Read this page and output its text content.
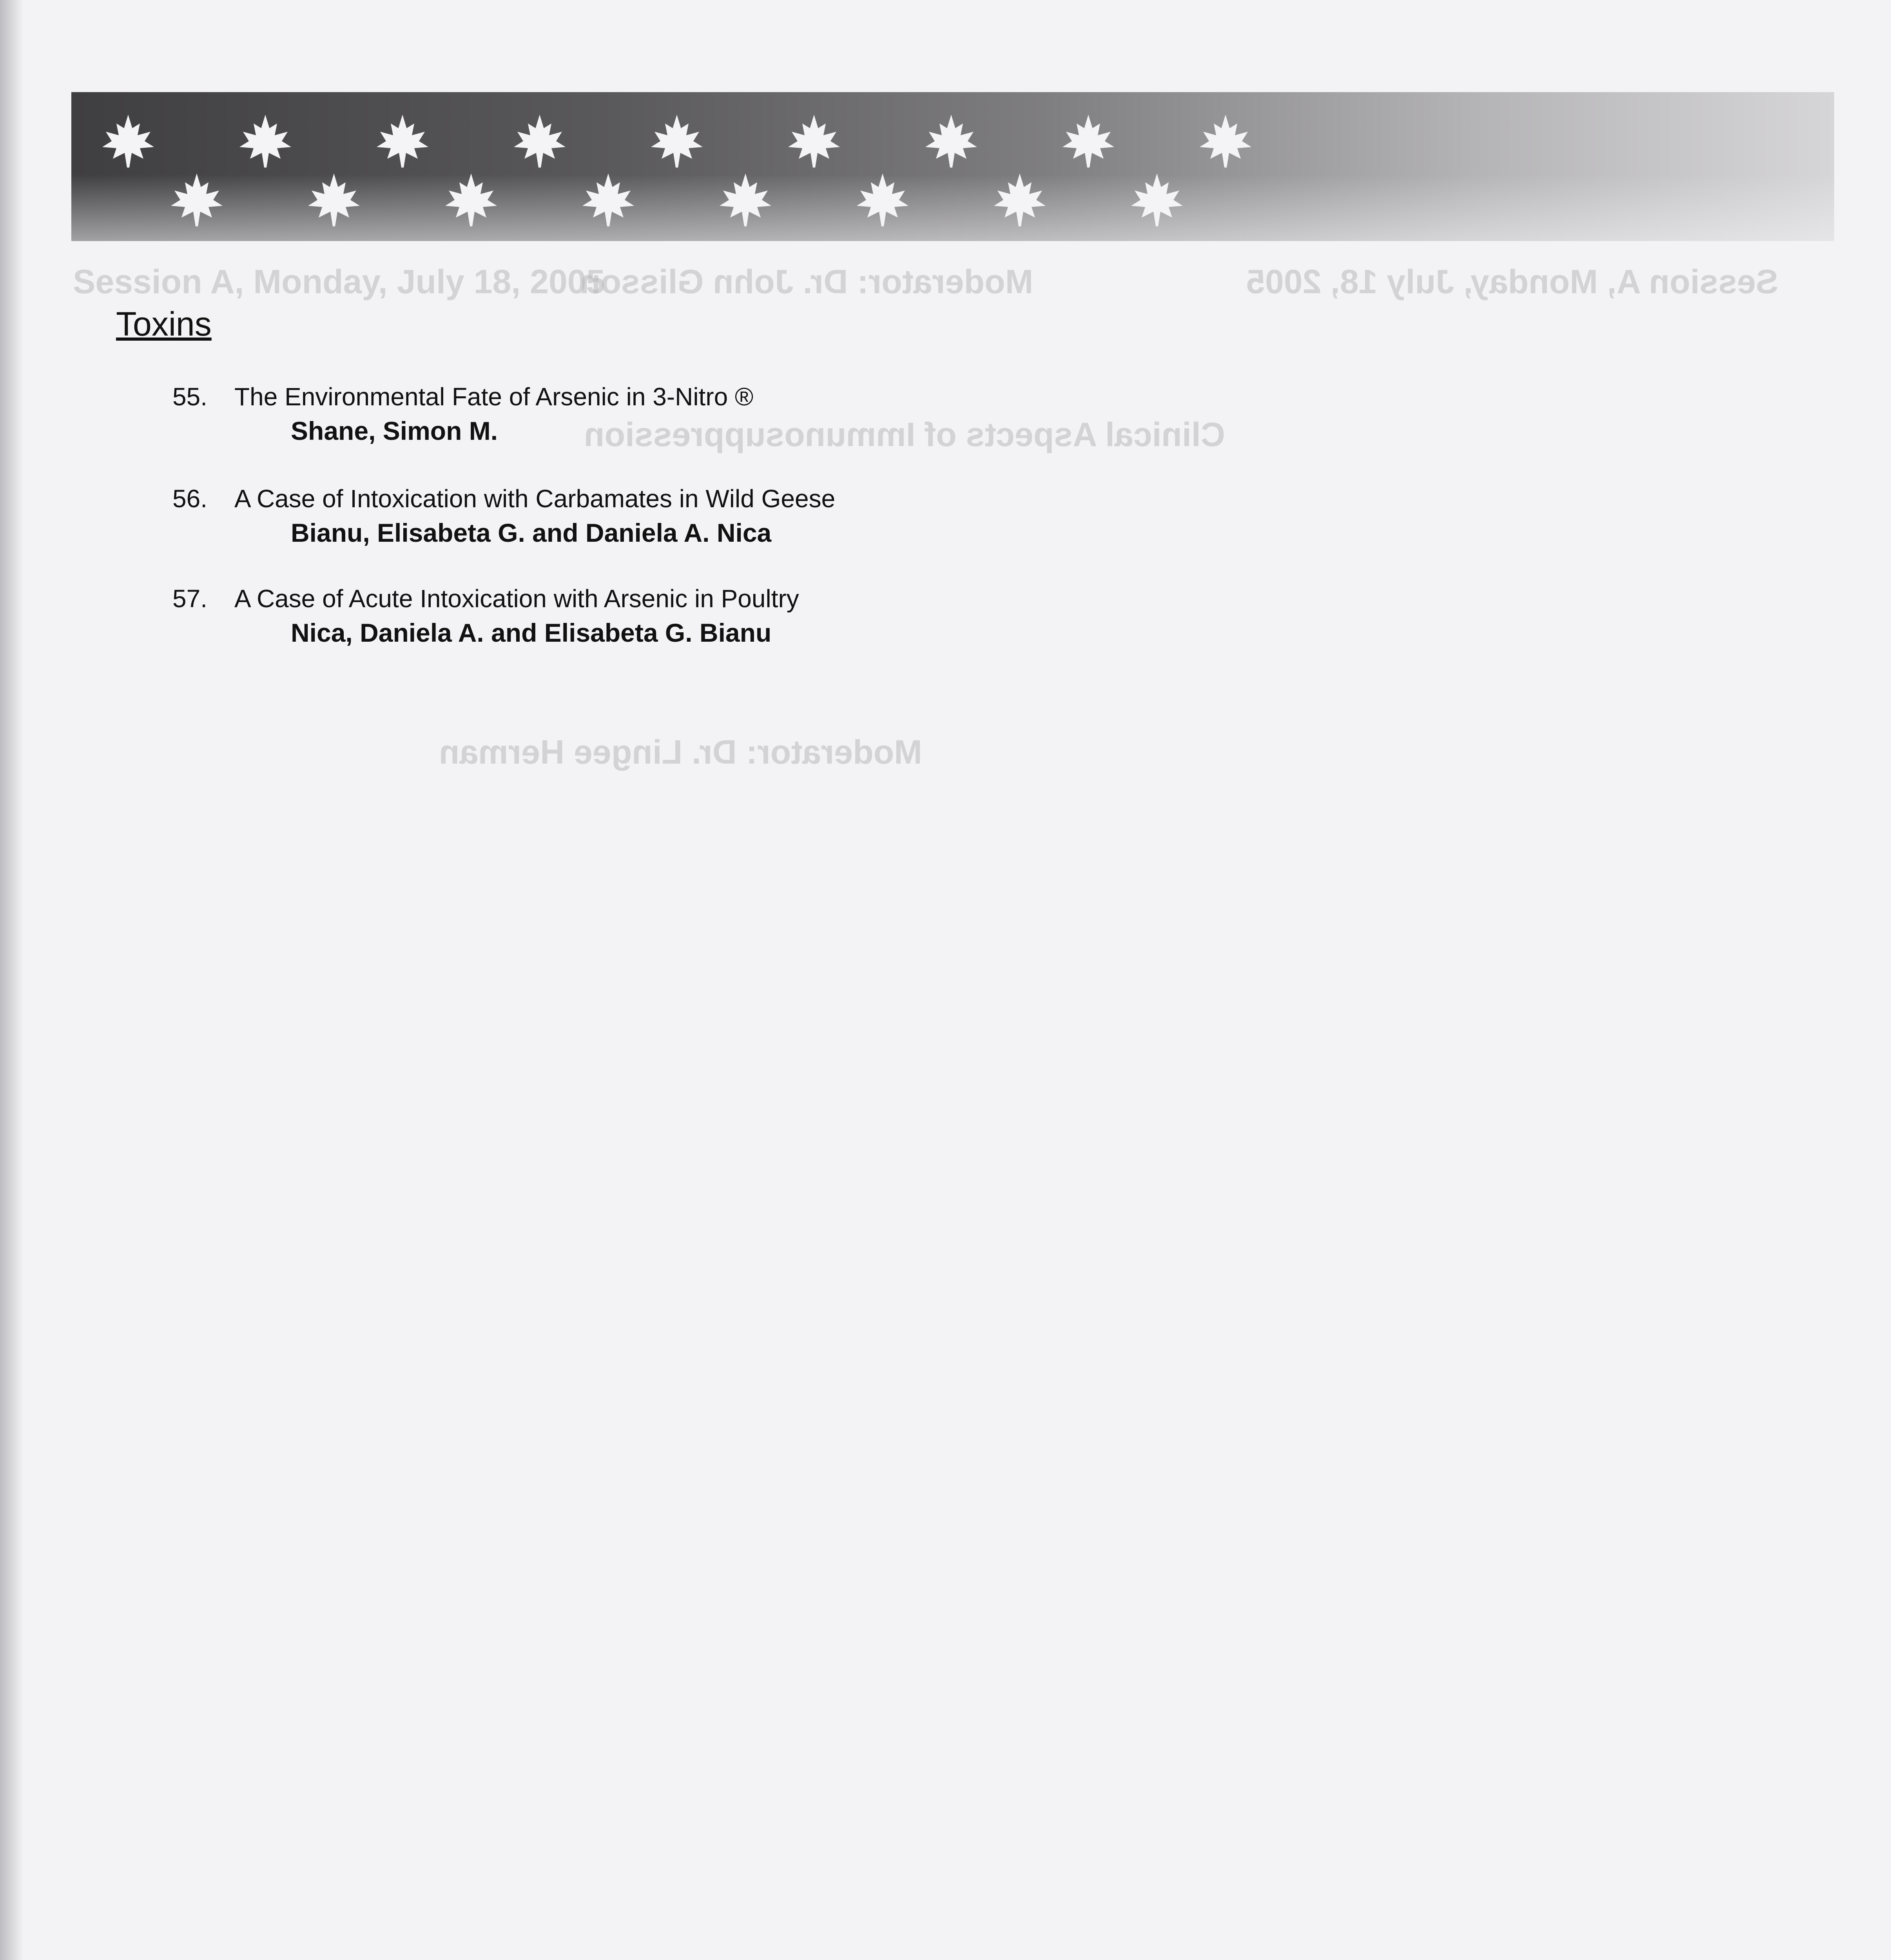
Session A, Monday, July 18, 2005
Moderator: Dr. John Glisson	Session A, Monday, July 18, 2005
Clinical Aspects of Immunosuppression
Moderator: Dr. Lingee Herman
Toxins
55. The Environmental Fate of Arsenic in 3-Nitro ®
Shane, Simon M.
56. A Case of Intoxication with Carbamates in Wild Geese
Bianu, Elisabeta G. and Daniela A. Nica
57. A Case of Acute Intoxication with Arsenic in Poultry
Nica, Daniela A. and Elisabeta G. Bianu
